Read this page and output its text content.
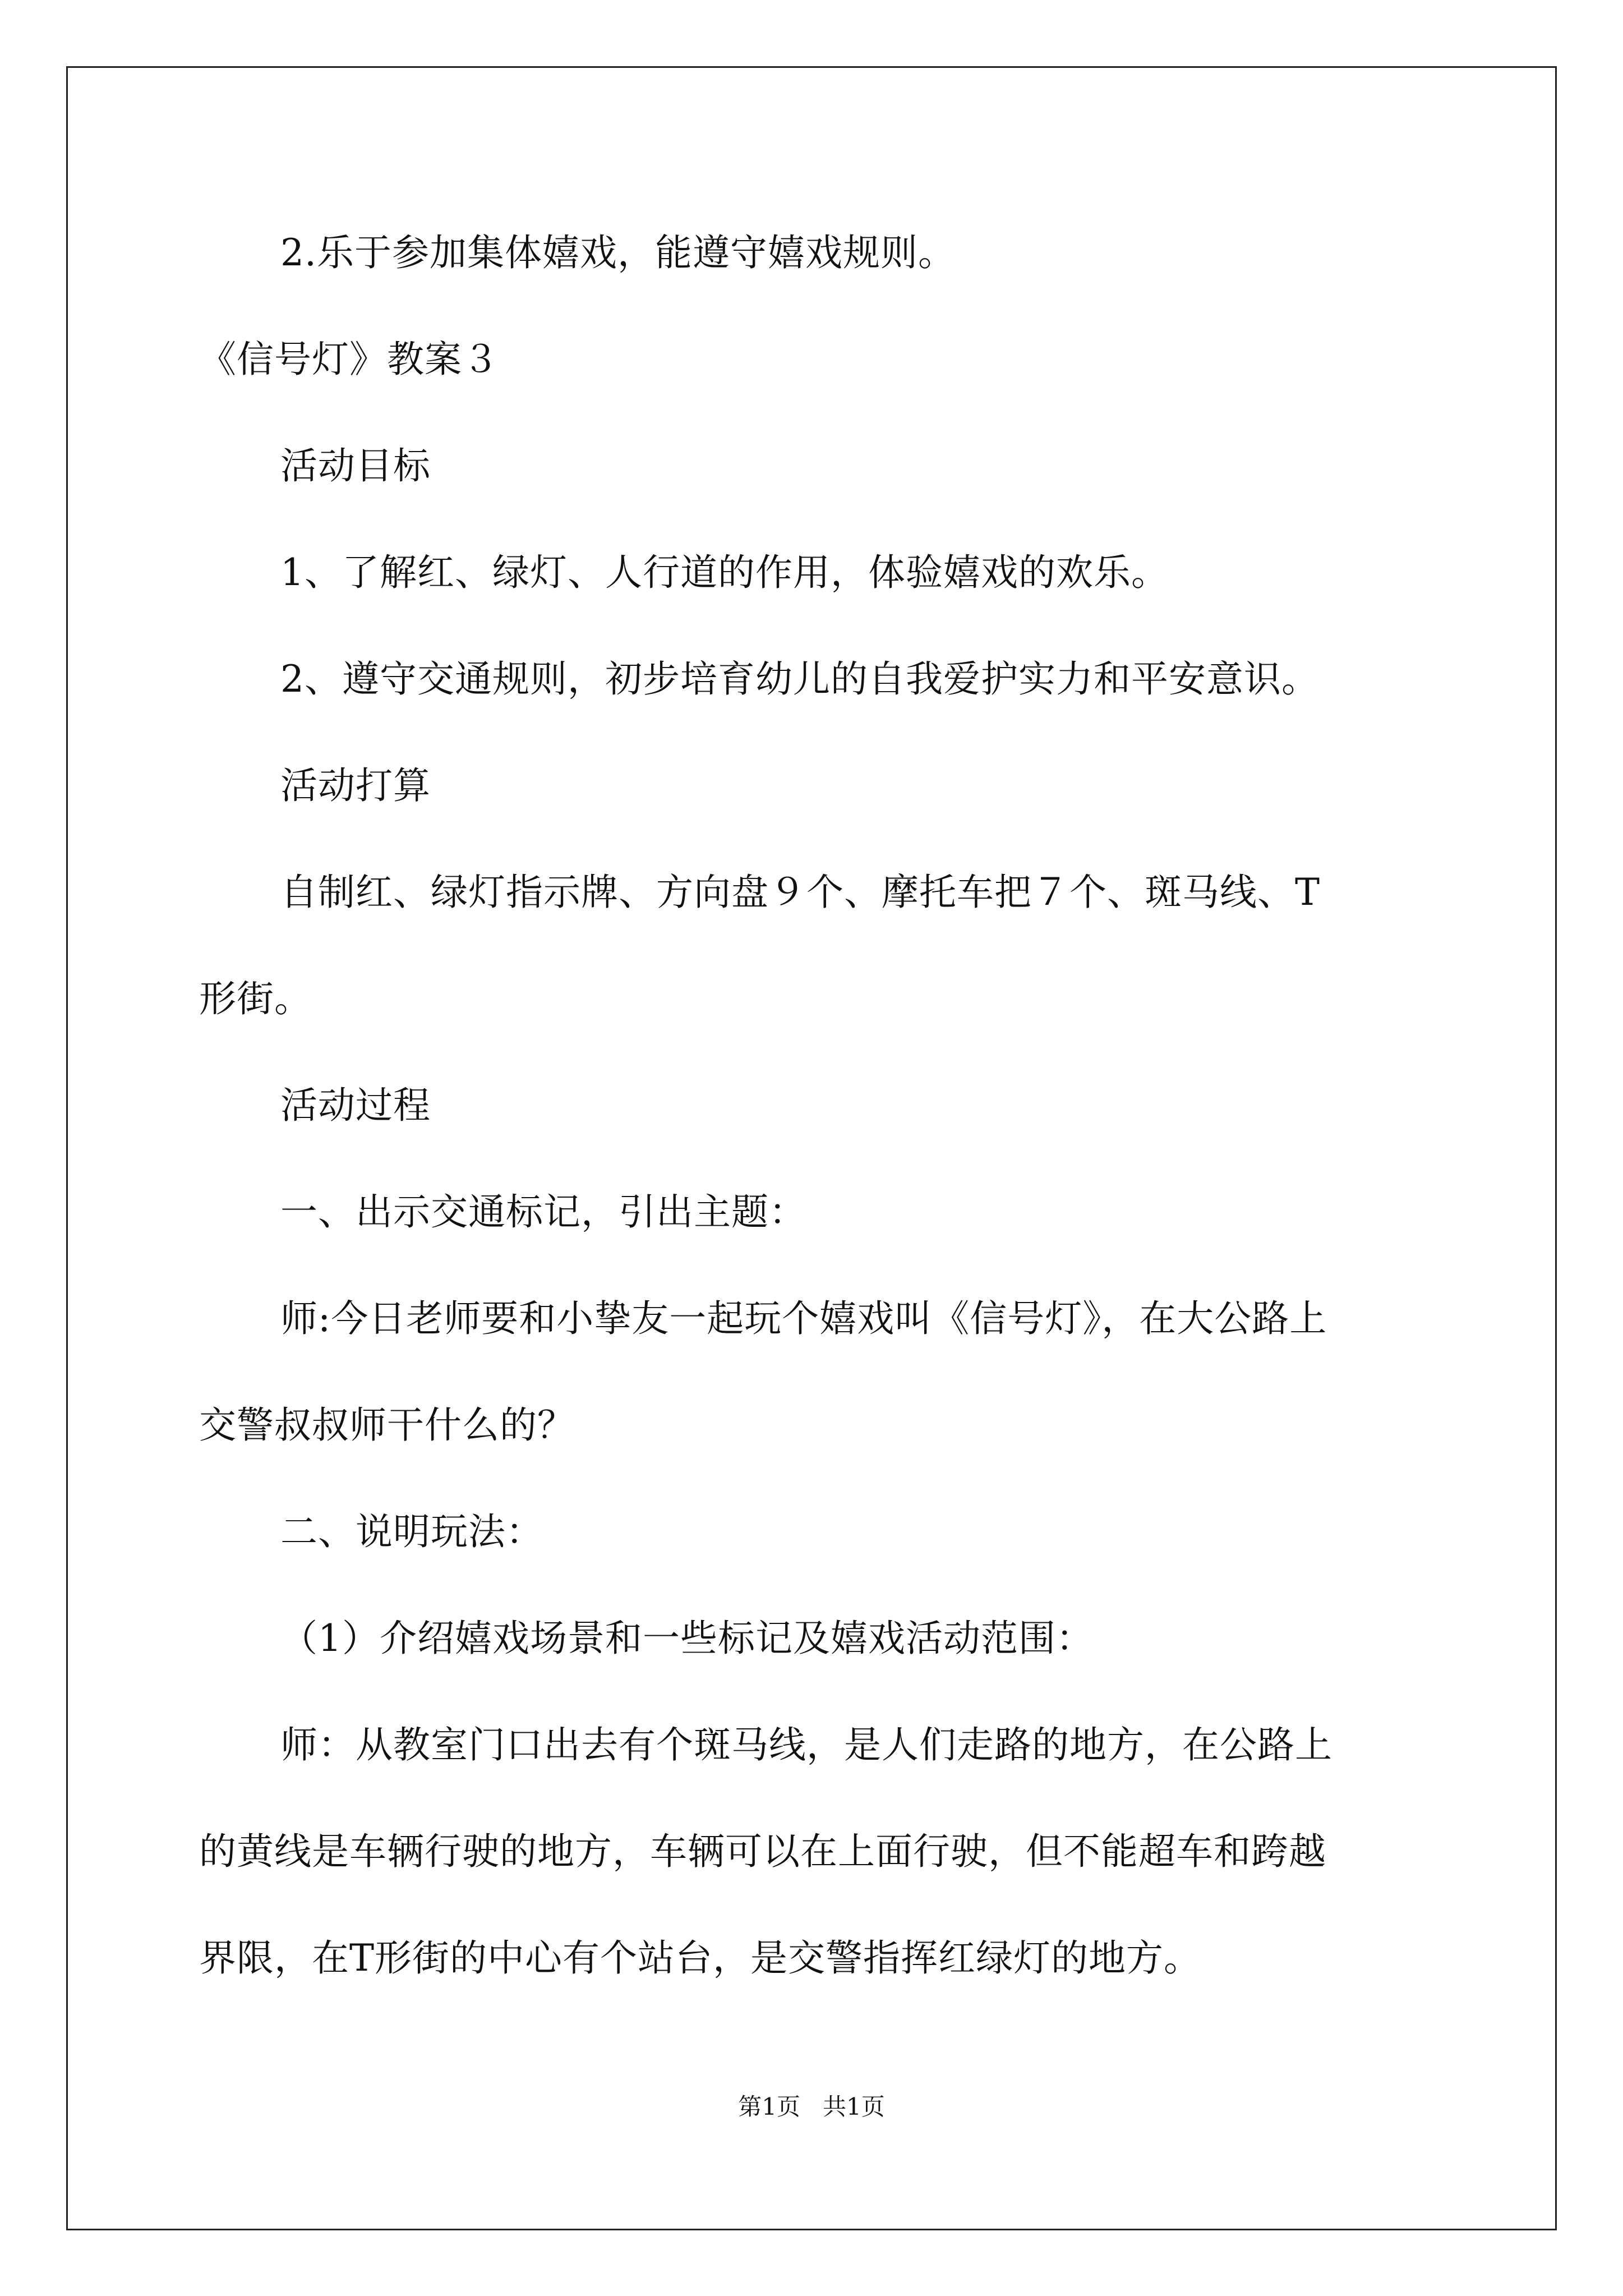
2.乐于参加集体嬉戏，能遵守嬉戏规则。
《信号灯》教案３
活动目标
1、了解红、绿灯、人行道的作用，体验嬉戏的欢乐。
2、遵守交通规则，初步培育幼儿的自我爱护实力和平安意识。
活动打算
自制红、绿灯指示牌、方向盘９个、摩托车把７个、斑马线、T
形街。
活动过程
一、出示交通标记，引出主题：
师:今日老师要和小挚友一起玩个嬉戏叫《信号灯》，在大公路上
交警叔叔师干什么的？
二、说明玩法：
（1）介绍嬉戏场景和一些标记及嬉戏活动范围：
师：从教室门口出去有个斑马线，是人们走路的地方，在公路上
的黄线是车辆行驶的地方，车辆可以在上面行驶，但不能超车和跨越
界限，在T形街的中心有个站台，是交警指挥红绿灯的地方。
第1页   共1页
